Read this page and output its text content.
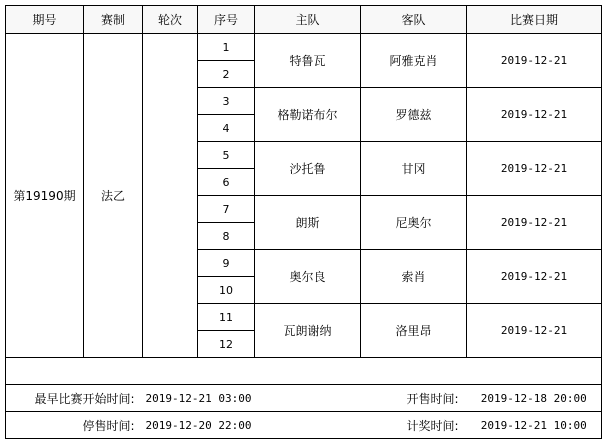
期号	赛制	轮次	序号	主队	客队	比赛日期
第19190期	法乙		1	特鲁瓦	阿雅克肖	2019-12-21
			2			
			3	格勒诺布尔	罗德兹	2019-12-21
			4			
			5	沙托鲁	甘冈	2019-12-21
			6			
			7	朗斯	尼奥尔	2019-12-21
			8			
			9	奥尔良	索肖	2019-12-21
			10			
			11	瓦朗谢纳	洛里昂	2019-12-21
			12			

最早比赛开始时间:		2019-12-21 03:00		开售时间:		2019-12-18 20:00
停售时间:		2019-12-20 22:00		计奖时间:		2019-12-21 10:00
